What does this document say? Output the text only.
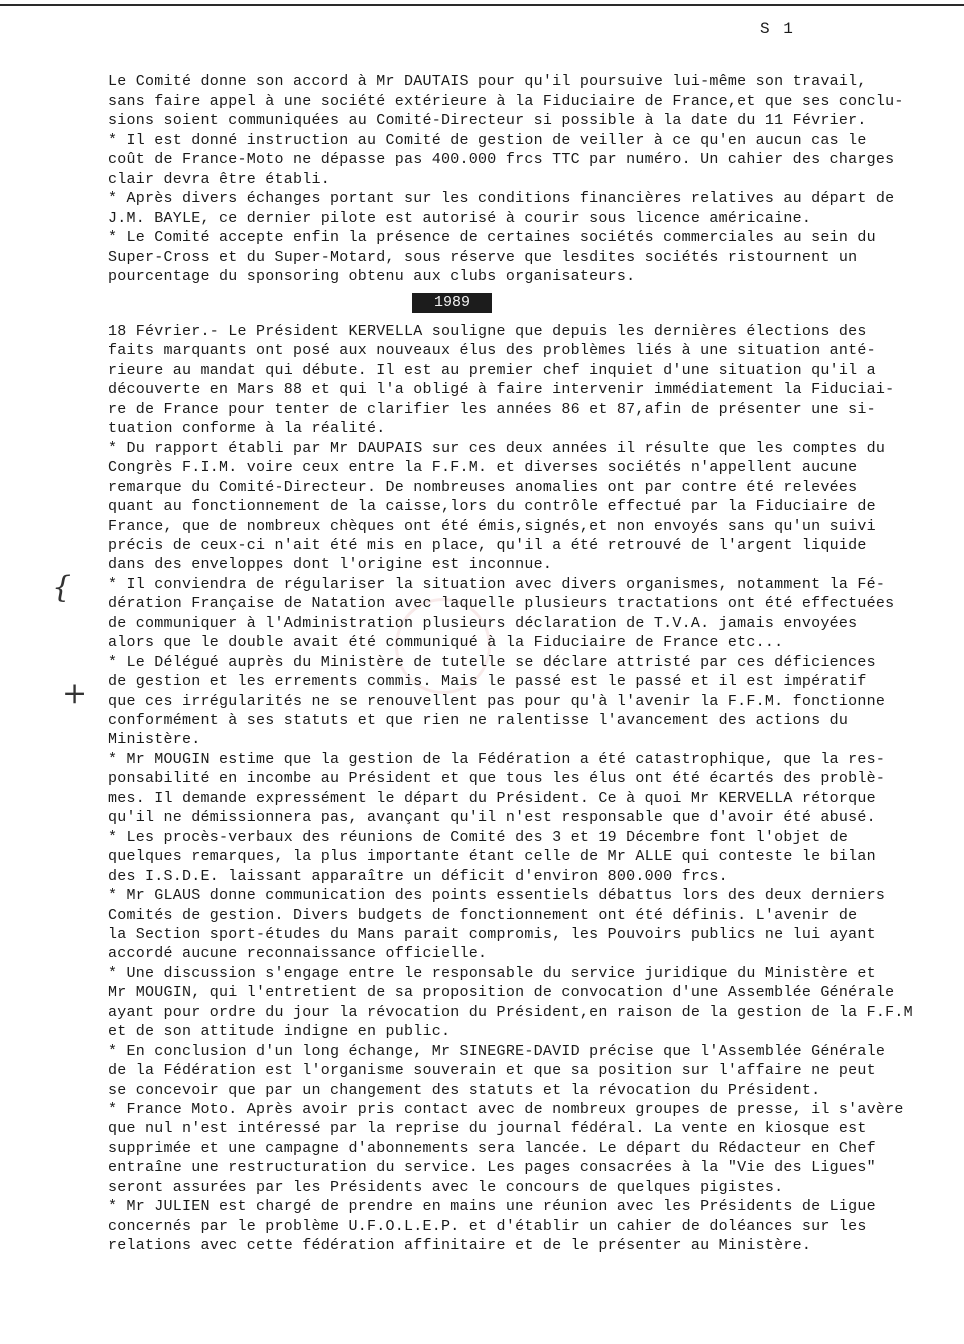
S 1
Le Comité donne son accord à Mr DAUTAIS pour qu'il poursuive lui-même son travail,
sans faire appel à une société extérieure à la Fiduciaire de France,et que ses conclu-
sions soient communiquées au Comité-Directeur si possible à la date du 11 Février.
* Il est donné instruction au Comité de gestion de veiller à ce qu'en aucun cas le
coût de France-Moto ne dépasse pas 400.000 frcs TTC par numéro. Un cahier des charges
clair devra être établi.
* Après divers échanges portant sur les conditions financières relatives au départ de
J.M. BAYLE, ce dernier pilote est autorisé à courir sous licence américaine.
* Le Comité accepte enfin la présence de certaines sociétés commerciales au sein du
Super-Cross et du Super-Motard, sous réserve que lesdites sociétés ristournent un
pourcentage du sponsoring obtenu aux clubs organisateurs.
18 Février.- Le Président KERVELLA souligne que depuis les dernières élections des
faits marquants ont posé aux nouveaux élus des problèmes liés à une situation anté-
rieure au mandat qui débute. Il est au premier chef inquiet d'une situation qu'il a
découverte en Mars 88 et qui l'a obligé à faire intervenir immédiatement la Fiduciai-
re de France pour tenter de clarifier les années 86 et 87,afin de présenter une si-
tuation conforme à la réalité.
* Du rapport établi par Mr DAUPAIS sur ces deux années il résulte que les comptes du
Congrès F.I.M. voire ceux entre la F.F.M. et diverses sociétés n'appellent aucune
remarque du Comité-Directeur. De nombreuses anomalies ont par contre été relevées
quant au fonctionnement de la caisse,lors du contrôle effectué par la Fiduciaire de
France, que de nombreux chèques ont été émis,signés,et non envoyés sans qu'un suivi
précis de ceux-ci n'ait été mis en place, qu'il a été retrouvé de l'argent liquide
dans des enveloppes dont l'origine est inconnue.
* Il conviendra de régulariser la situation avec divers organismes, notamment la Fé-
dération Française de Natation avec laquelle plusieurs tractations ont été effectuées
de communiquer à l'Administration plusieurs déclaration de T.V.A. jamais envoyées
alors que le double avait été communiqué à la Fiduciaire de France etc...
* Le Délégué auprès du Ministère de tutelle se déclare attristé par ces déficiences
de gestion et les errements commis. Mais le passé est le passé et il est impératif
que ces irrégularités ne se renouvellent pas pour qu'à l'avenir la F.F.M. fonctionne
conformément à ses statuts et que rien ne ralentisse l'avancement des actions du
Ministère.
* Mr MOUGIN estime que la gestion de la Fédération a été catastrophique, que la res-
ponsabilité en incombe au Président et que tous les élus ont été écartés des problè-
mes. Il demande expressément le départ du Président. Ce à quoi Mr KERVELLA rétorque
qu'il ne démissionnera pas, avançant qu'il n'est responsable que d'avoir été abusé.
* Les procès-verbaux des réunions de Comité des 3 et 19 Décembre font l'objet de
quelques remarques, la plus importante étant celle de Mr ALLE qui conteste le bilan
des I.S.D.E. laissant apparaître un déficit d'environ 800.000 frcs.
* Mr GLAUS donne communication des points essentiels débattus lors des deux derniers
Comités de gestion. Divers budgets de fonctionnement ont été définis. L'avenir de
la Section sport-études du Mans parait compromis, les Pouvoirs publics ne lui ayant
accordé aucune reconnaissance officielle.
* Une discussion s'engage entre le responsable du service juridique du Ministère et
Mr MOUGIN, qui l'entretient de sa proposition de convocation d'une Assemblée Générale
ayant pour ordre du jour la révocation du Président,en raison de la gestion de la F.F.M
et de son attitude indigne en public.
* En conclusion d'un long échange, Mr SINEGRE-DAVID précise que l'Assemblée Générale
de la Fédération est l'organisme souverain et que sa position sur l'affaire ne peut
se concevoir que par un changement des statuts et la révocation du Président.
* France Moto. Après avoir pris contact avec de nombreux groupes de presse, il s'avère
que nul n'est intéressé par la reprise du journal fédéral. La vente en kiosque est
supprimée et une campagne d'abonnements sera lancée. Le départ du Rédacteur en Chef
entraîne une restructuration du service. Les pages consacrées à la "Vie des Ligues"
seront assurées par les Présidents avec le concours de quelques pigistes.
* Mr JULIEN est chargé de prendre en mains une réunion avec les Présidents de Ligue
concernés par le problème U.F.O.L.E.P. et d'établir un cahier de doléances sur les
relations avec cette fédération affinitaire et de le présenter au Ministère.
1989
{
+
